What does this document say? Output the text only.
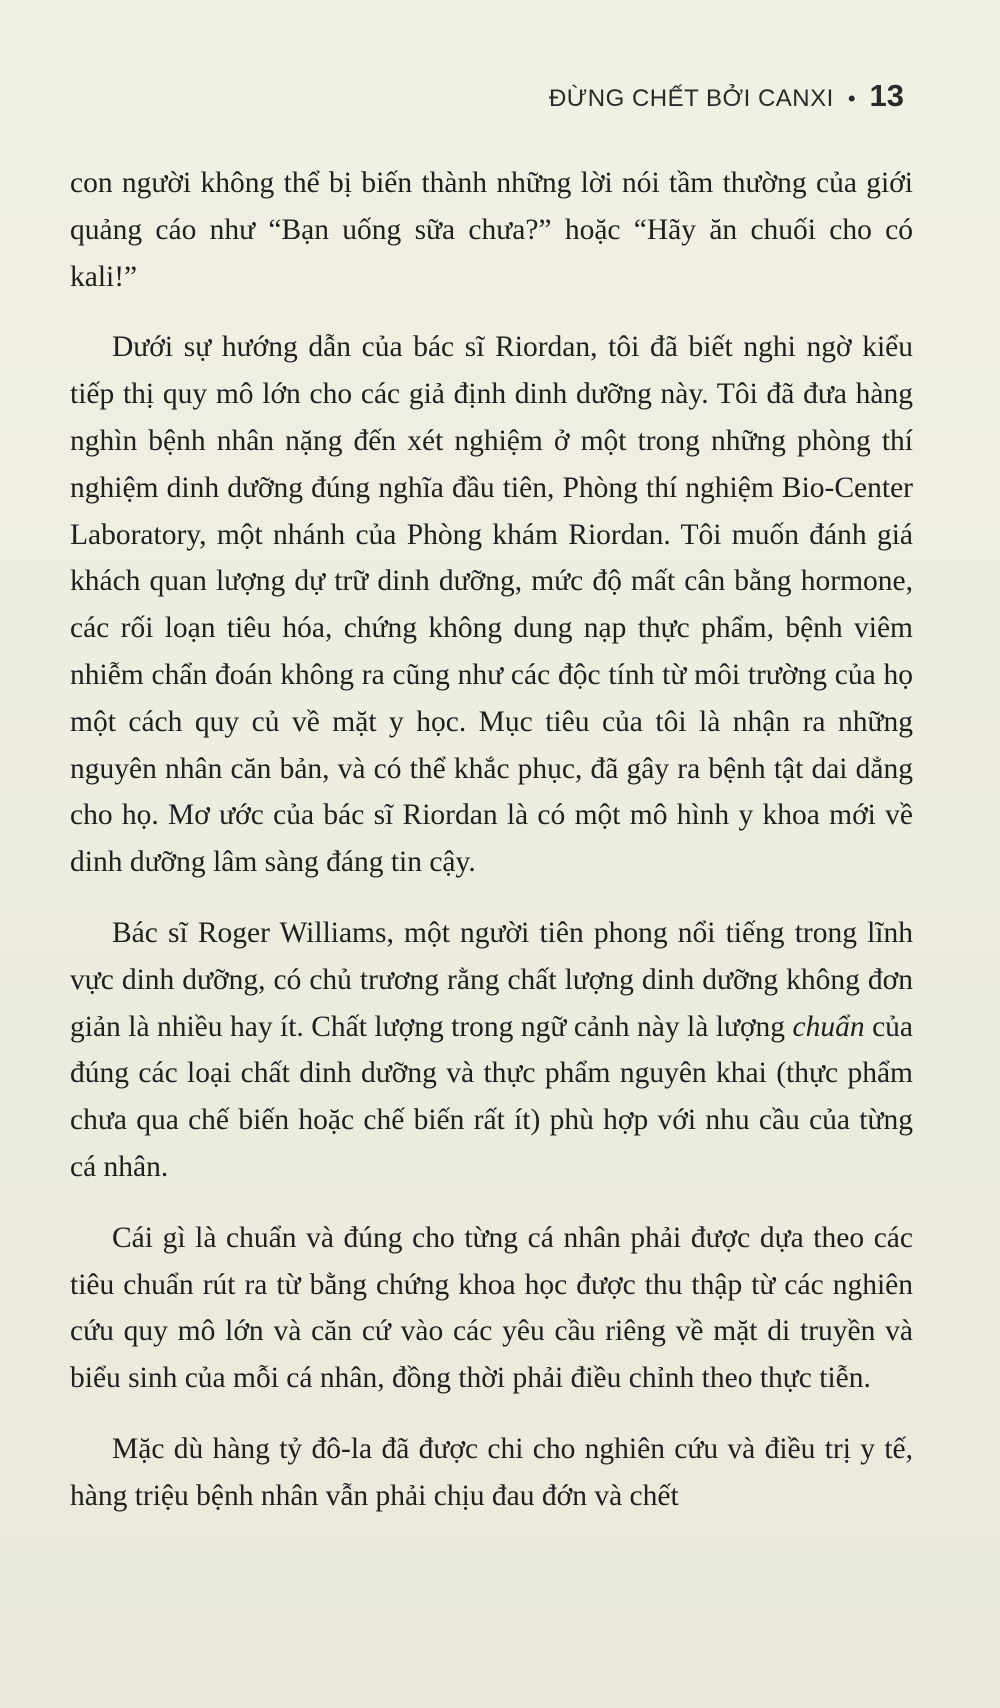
ĐỪNG CHẾT BỞI CANXI • 13

con người không thể bị biến thành những lời nói tầm thường của giới quảng cáo như “Bạn uống sữa chưa?” hoặc “Hãy ăn chuối cho có kali!”

Dưới sự hướng dẫn của bác sĩ Riordan, tôi đã biết nghi ngờ kiểu tiếp thị quy mô lớn cho các giả định dinh dưỡng này. Tôi đã đưa hàng nghìn bệnh nhân nặng đến xét nghiệm ở một trong những phòng thí nghiệm dinh dưỡng đúng nghĩa đầu tiên, Phòng thí nghiệm Bio-Center Laboratory, một nhánh của Phòng khám Riordan. Tôi muốn đánh giá khách quan lượng dự trữ dinh dưỡng, mức độ mất cân bằng hormone, các rối loạn tiêu hóa, chứng không dung nạp thực phẩm, bệnh viêm nhiễm chẩn đoán không ra cũng như các độc tính từ môi trường của họ một cách quy củ về mặt y học. Mục tiêu của tôi là nhận ra những nguyên nhân căn bản, và có thể khắc phục, đã gây ra bệnh tật dai dẳng cho họ. Mơ ước của bác sĩ Riordan là có một mô hình y khoa mới về dinh dưỡng lâm sàng đáng tin cậy.

Bác sĩ Roger Williams, một người tiên phong nổi tiếng trong lĩnh vực dinh dưỡng, có chủ trương rằng chất lượng dinh dưỡng không đơn giản là nhiều hay ít. Chất lượng trong ngữ cảnh này là lượng chuẩn của đúng các loại chất dinh dưỡng và thực phẩm nguyên khai (thực phẩm chưa qua chế biến hoặc chế biến rất ít) phù hợp với nhu cầu của từng cá nhân.

Cái gì là chuẩn và đúng cho từng cá nhân phải được dựa theo các tiêu chuẩn rút ra từ bằng chứng khoa học được thu thập từ các nghiên cứu quy mô lớn và căn cứ vào các yêu cầu riêng về mặt di truyền và biểu sinh của mỗi cá nhân, đồng thời phải điều chỉnh theo thực tiễn.

Mặc dù hàng tỷ đô-la đã được chi cho nghiên cứu và điều trị y tế, hàng triệu bệnh nhân vẫn phải chịu đau đớn và chết
